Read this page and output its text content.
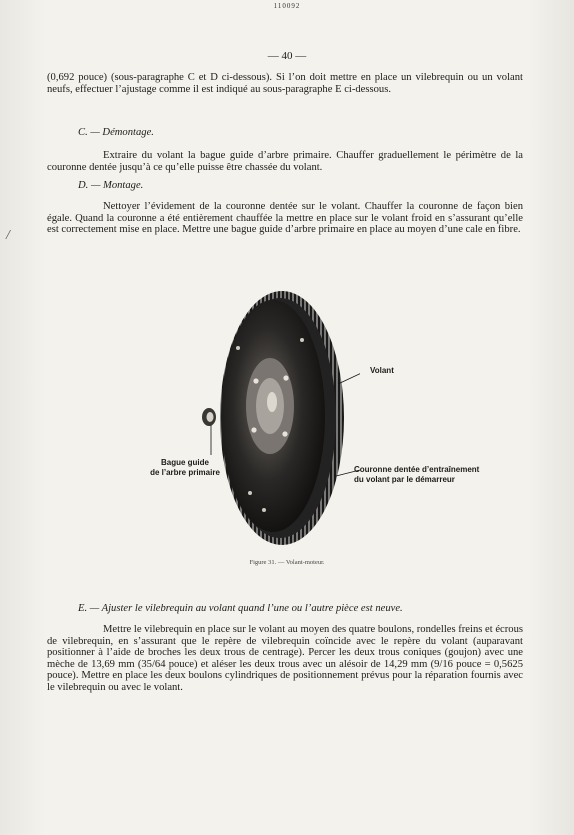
110092
— 40 —

(0,692 pouce) (sous-paragraphe C et D ci-dessous). Si l’on doit mettre en place un vilebrequin ou un volant neufs, effectuer l’ajustage comme il est indiqué au sous-paragraphe E ci-dessous.

C. — Démontage.

Extraire du volant la bague guide d’arbre primaire. Chauffer graduellement le périmètre de la couronne dentée jusqu’à ce qu’elle puisse être chassée du volant.

D. — Montage.

Nettoyer l’évidement de la couronne dentée sur le volant. Chauffer la couronne de façon bien égale. Quand la couronne a été entièrement chauffée la mettre en place sur le volant froid en s’assurant qu’elle est correctement mise en place. Mettre une bague guide d’arbre primaire en place au moyen d’une cale en fibre.

/

Volant

Bague guide

de l’arbre primaire	Couronne dentée d’entraînement

du volant par le démarreur

Figure 31. — Volant-moteur.

E. — Ajuster le vilebrequin au volant quand l’une ou l’autre pièce est neuve.

Mettre le vilebrequin en place sur le volant au moyen des quatre boulons, rondelles freins et écrous de vilebrequin, en s’assurant que le repère de vilebrequin coïncide avec le repère du volant (auparavant positionner à l’aide de broches les deux trous de centrage). Percer les deux trous coniques (goujon) avec une mèche de 13,69 mm (35/64 pouce) et aléser les deux trous avec un alésoir de 14,29 mm (9/16 pouce = 0,5625 pouce). Mettre en place les deux boulons cylindriques de positionnement prévus pour la réparation fournis avec le vilebrequin ou avec le volant.
